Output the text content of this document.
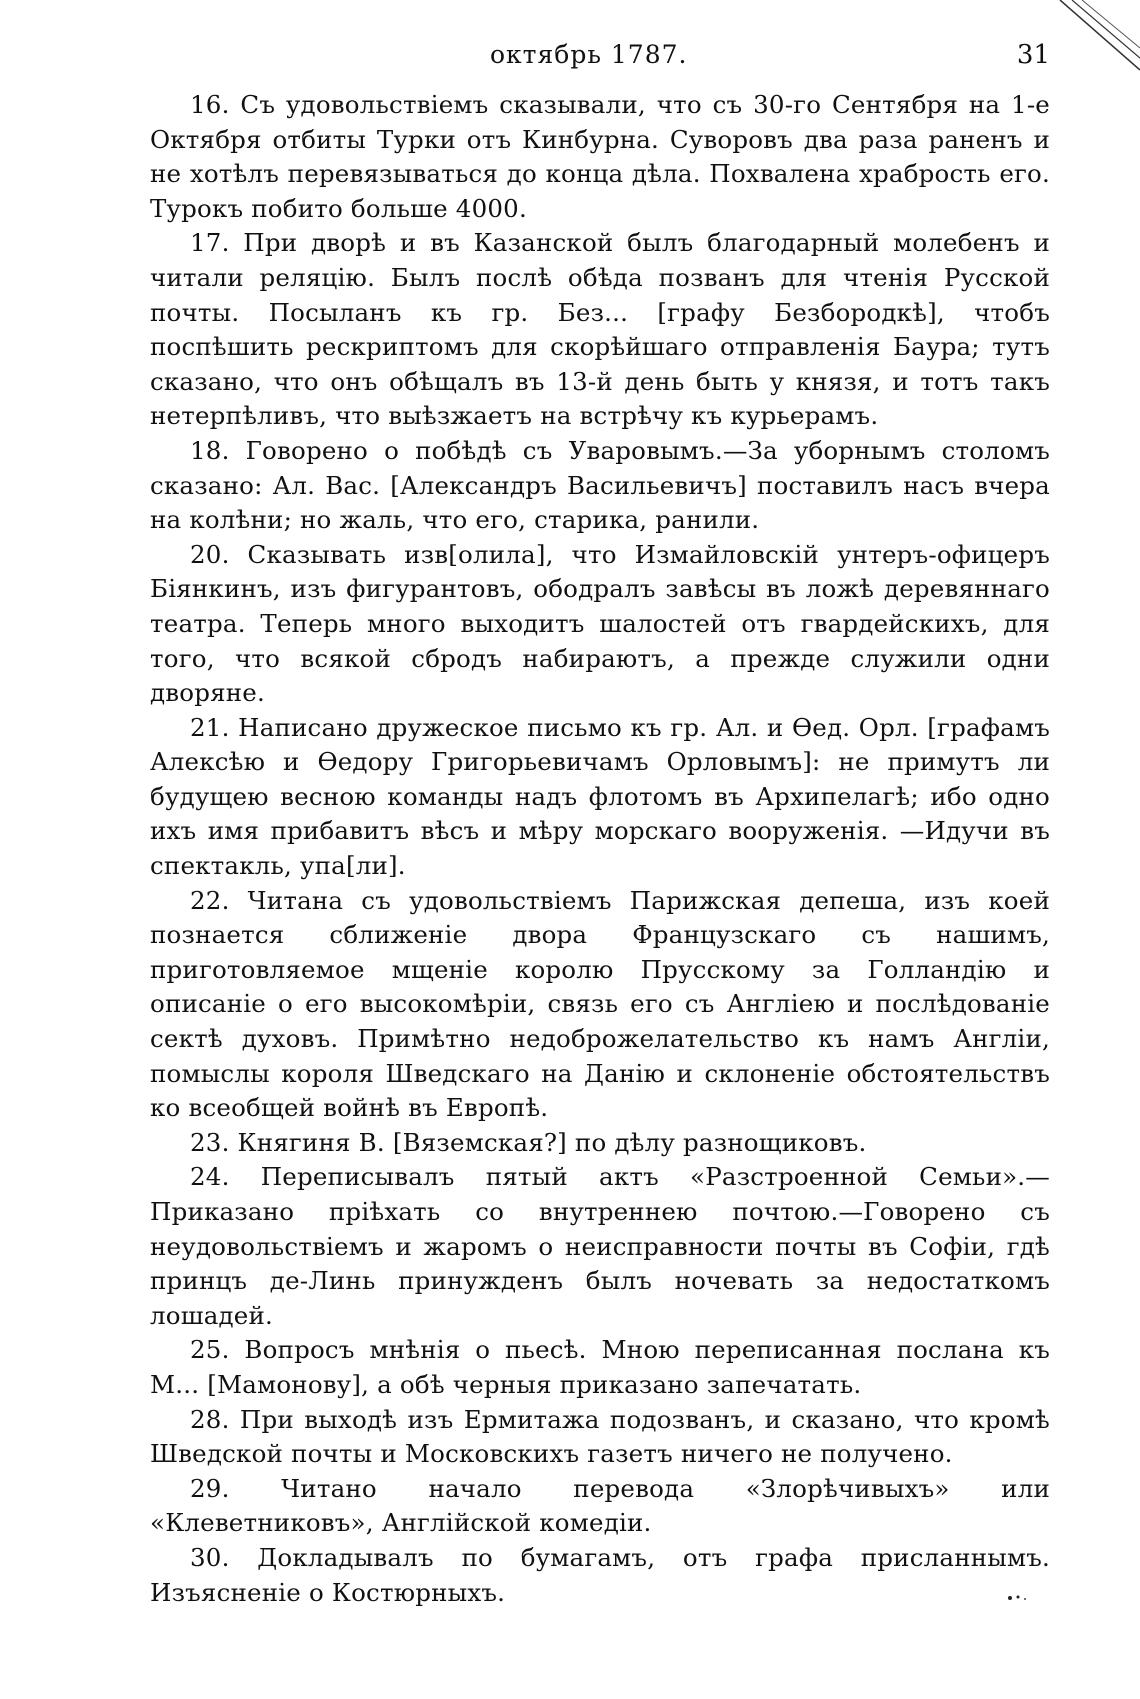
октябрь 1787.	31

16. Съ удовольствіемъ сказывали, что съ 30-го Сентября на 1-е Октября отбиты Турки отъ Кинбурна. Суворовъ два раза раненъ и не хотѣлъ перевязываться до конца дѣла. Похвалена храбрость его. Турокъ побито больше 4000.

17. При дворѣ и въ Казанской былъ благодарный молебенъ и читали реляцію. Былъ послѣ обѣда позванъ для чтенія Русской почты. Посыланъ къ гр. Без... [графу Безбородкѣ], чтобъ поспѣшить рескриптомъ для скорѣйшаго отправленія Баура; тутъ сказано, что онъ обѣщалъ въ 13-й день быть у князя, и тотъ такъ нетерпѣливъ, что выѣзжаетъ на встрѣчу къ курьерамъ.

18. Говорено о побѣдѣ съ Уваровымъ.—За уборнымъ столомъ сказано: Ал. Вас. [Александръ Васильевичъ] поставилъ насъ вчера на колѣни; но жаль, что его, старика, ранили.

20. Сказывать изв[олила], что Измайловскій унтеръ-офицеръ Біянкинъ, изъ фигурантовъ, ободралъ завѣсы въ ложѣ деревяннаго театра. Теперь много выходитъ шалостей отъ гвардейскихъ, для того, что всякой сбродъ набираютъ, а прежде служили одни дворяне.

21. Написано дружеское письмо къ гр. Ал. и Ѳед. Орл. [графамъ Алексѣю и Ѳедору Григорьевичамъ Орловымъ]: не примутъ ли будущею весною команды надъ флотомъ въ Архипелагѣ; ибо одно ихъ имя прибавитъ вѣсъ и мѣру морскаго вооруженія. —Идучи въ спектакль, упа[ли].

22. Читана съ удовольствіемъ Парижская депеша, изъ коей познается сближеніе двора Французскаго съ нашимъ, приготовляемое мщеніе королю Прусскому за Голландію и описаніе о его высокомѣріи, связь его съ Англіею и послѣдованіе сектѣ духовъ. Примѣтно недоброжелательство къ намъ Англіи, помыслы короля Шведскаго на Данію и склоненіе обстоятельствъ ко всеобщей войнѣ въ Европѣ.

23. Княгиня В. [Вяземская?] по дѣлу разнощиковъ.

24. Переписывалъ пятый актъ «Разстроенной Семьи».—Приказано пріѣхать со внутреннею почтою.—Говорено съ неудовольствіемъ и жаромъ о неисправности почты въ Софіи, гдѣ принцъ де-Линь принужденъ былъ ночевать за недостаткомъ лошадей.

25. Вопросъ мнѣнія о пьесѣ. Мною переписанная послана къ М... [Мамонову], а обѣ черныя приказано запечатать.

28. При выходѣ изъ Ермитажа подозванъ, и сказано, что кромѣ Шведской почты и Московскихъ газетъ ничего не получено.

29. Читано начало перевода «Злорѣчивыхъ» или «Клеветниковъ», Англійской комедіи.

30. Докладывалъ по бумагамъ, отъ графа присланнымъ. Изъясненіе о Костюрныхъ.
